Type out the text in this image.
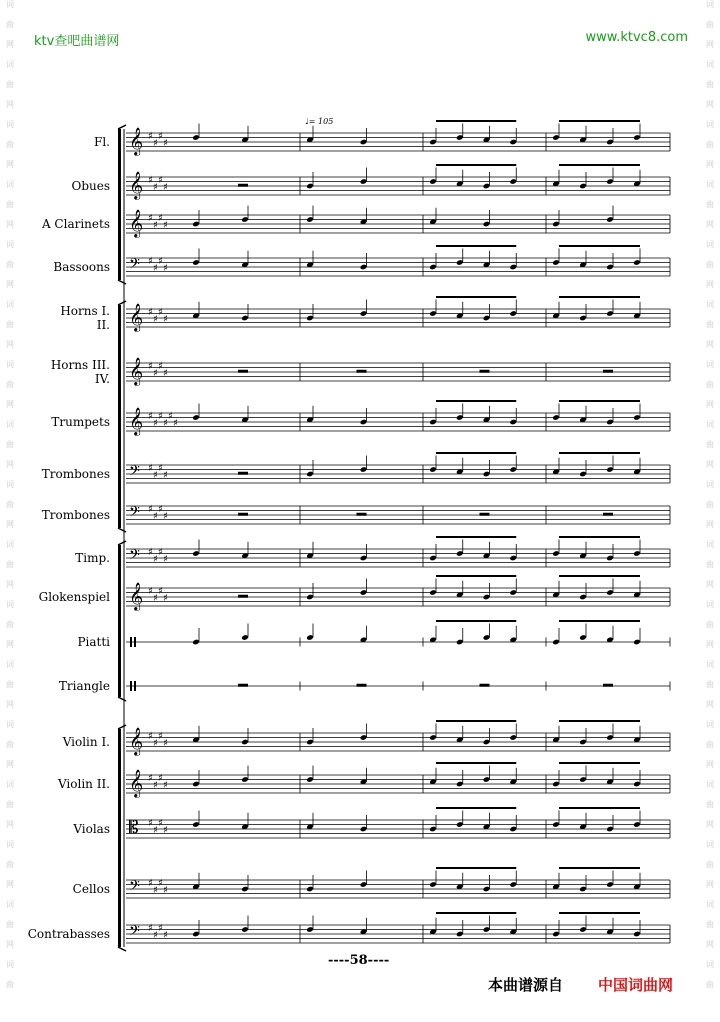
ktv查吧曲谱网	www.ktvc8.com
词
曲
网
词
曲
网
词
曲
网
词
曲
网
词
曲
网
词
曲
网
词
曲
网
词
曲
网
词
曲
网
词
曲
网
词
曲
网
词
曲
网
词
曲
网
词
曲
网
词
曲
网
词
曲
网
词
曲
词
曲
网
词
曲
网
词
曲
网
词
曲
网
词
曲
网
词
曲
网
词
曲
网
词
曲
网
词
曲
网
词
曲
网
词
曲
网
词
曲
网
词
曲
网
词
曲
网
词
曲
网
词
曲
网
词
曲
♩= 105
Fl.
Obues
A Clarinets
Bassoons
Horns I.
II.
Horns III.
IV.
Trumpets
Trombones
Trombones
Timp.
Glokenspiel
Piatti
Triangle
Violin I.
Violin II.
Violas
Cellos
Contrabasses
𝄞 ♯
♯
♯
♯
𝄞 ♯
♯
♯
♯
𝄞 ♯
♯
♯
♯
𝄢 ♯
♯
♯
♯
𝄞 ♯
♯
♯
♯
𝄞 ♯
♯
♯
♯
𝄞 ♯
♯
♯
♯
♯
♯
𝄢 ♯
♯
♯
♯
𝄢 ♯
♯
♯
♯
𝄢 ♯
♯
♯
♯
𝄞 ♯
♯
♯
♯
𝄞 ♯
♯
♯
♯
𝄞 ♯
♯
♯
♯
𝄡 ♯
♯
♯
♯
𝄢 ♯
♯
♯
♯
𝄢 ♯
♯
♯
♯
----58----
本曲谱源自 中国词曲网
